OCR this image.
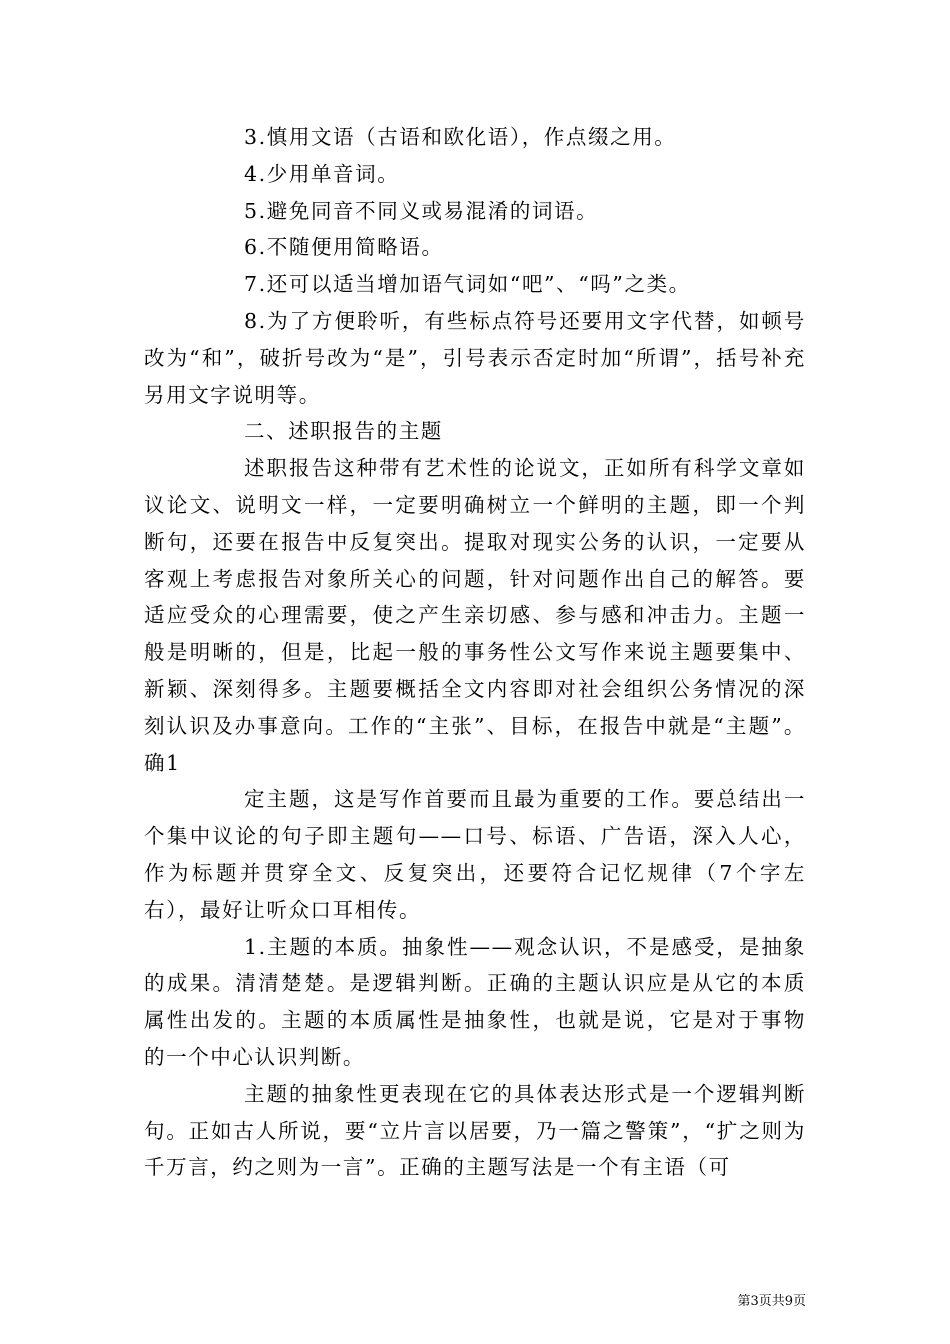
3.慎用文语（古语和欧化语），作点缀之用。

4.少用单音词。

5.避免同音不同义或易混淆的词语。

6.不随便用简略语。

7.还可以适当增加语气词如“吧”、“吗”之类。

8.为了方便聆听，有些标点符号还要用文字代替，如顿号改为“和”，破折号改为“是”，引号表示否定时加“所谓”，括号补充另用文字说明等。

二、述职报告的主题

述职报告这种带有艺术性的论说文，正如所有科学文章如议论文、说明文一样，一定要明确树立一个鲜明的主题，即一个判断句，还要在报告中反复突出。提取对现实公务的认识，一定要从客观上考虑报告对象所关心的问题，针对问题作出自己的解答。要适应受众的心理需要，使之产生亲切感、参与感和冲击力。主题一般是明晰的，但是，比起一般的事务性公文写作来说主题要集中、新颖、深刻得多。主题要概括全文内容即对社会组织公务情况的深刻认识及办事意向。工作的“主张”、目标，在报告中就是“主题”。确1

定主题，这是写作首要而且最为重要的工作。要总结出一个集中议论的句子即主题句——口号、标语、广告语，深入人心，作为标题并贯穿全文、反复突出，还要符合记忆规律（7个字左右），最好让听众口耳相传。

1.主题的本质。抽象性——观念认识，不是感受，是抽象的成果。清清楚楚。是逻辑判断。正确的主题认识应是从它的本质属性出发的。主题的本质属性是抽象性，也就是说，它是对于事物的一个中心认识判断。

主题的抽象性更表现在它的具体表达形式是一个逻辑判断句。正如古人所说，要“立片言以居要，乃一篇之警策”，“扩之则为千万言，约之则为一言”。正确的主题写法是一个有主语（可

第3页共9页
